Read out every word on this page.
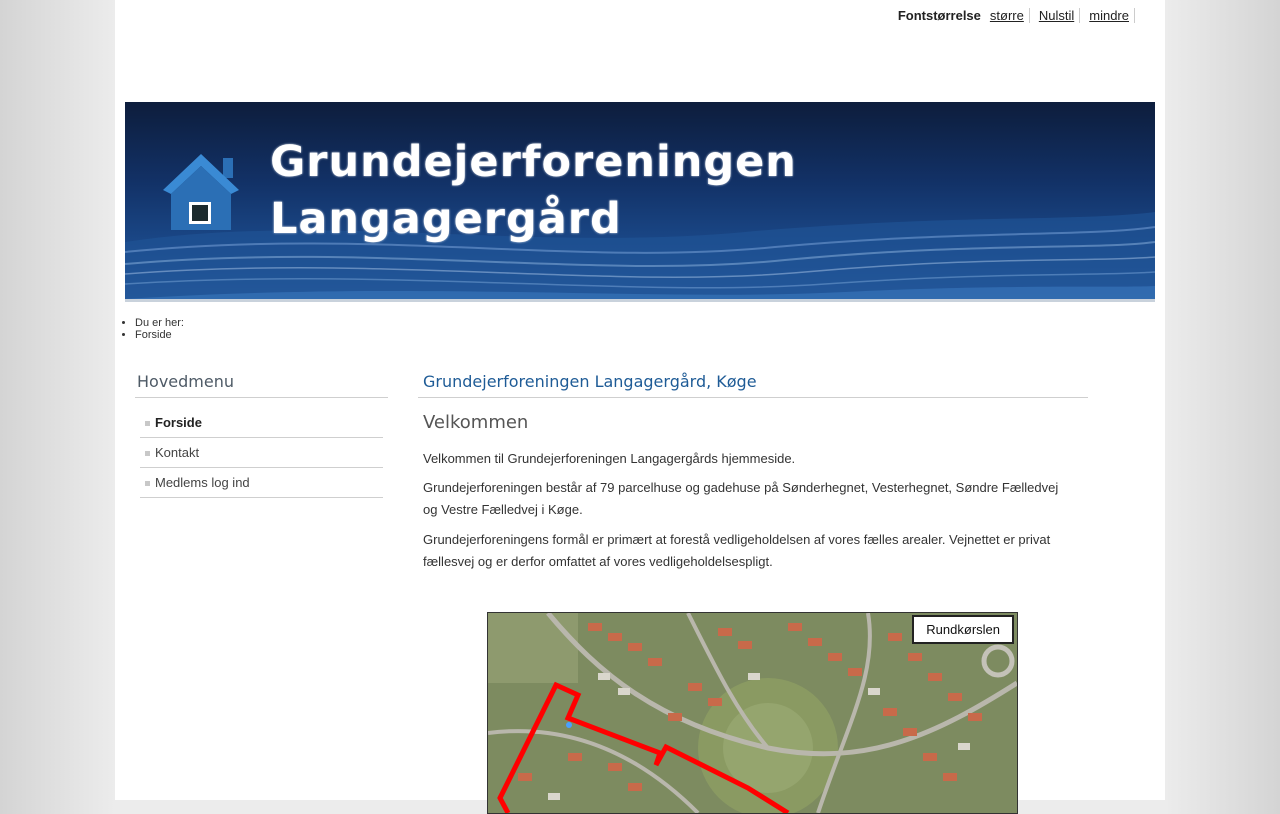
Fontstørrelse større	Nulstil	mindre
Grundejerforeningen
Langagergård
• Du er her:
• Forside
Hovedmenu
Forside
Kontakt
Medlems log ind
Grundejerforeningen Langagergård, Køge
Velkommen

Velkommen til Grundejerforeningen Langagergårds hjemmeside.

Grundejerforeningen består af 79 parcelhuse og gadehuse på Sønderhegnet, Vesterhegnet, Søndre Fælledvej og Vestre Fælledvej i Køge.

Grundejerforeningens formål er primært at forestå vedligeholdelsen af vores fælles arealer. Vejnettet er privat fællesvej og er derfor omfattet af vores vedligeholdelsespligt.

Rundkørslen
